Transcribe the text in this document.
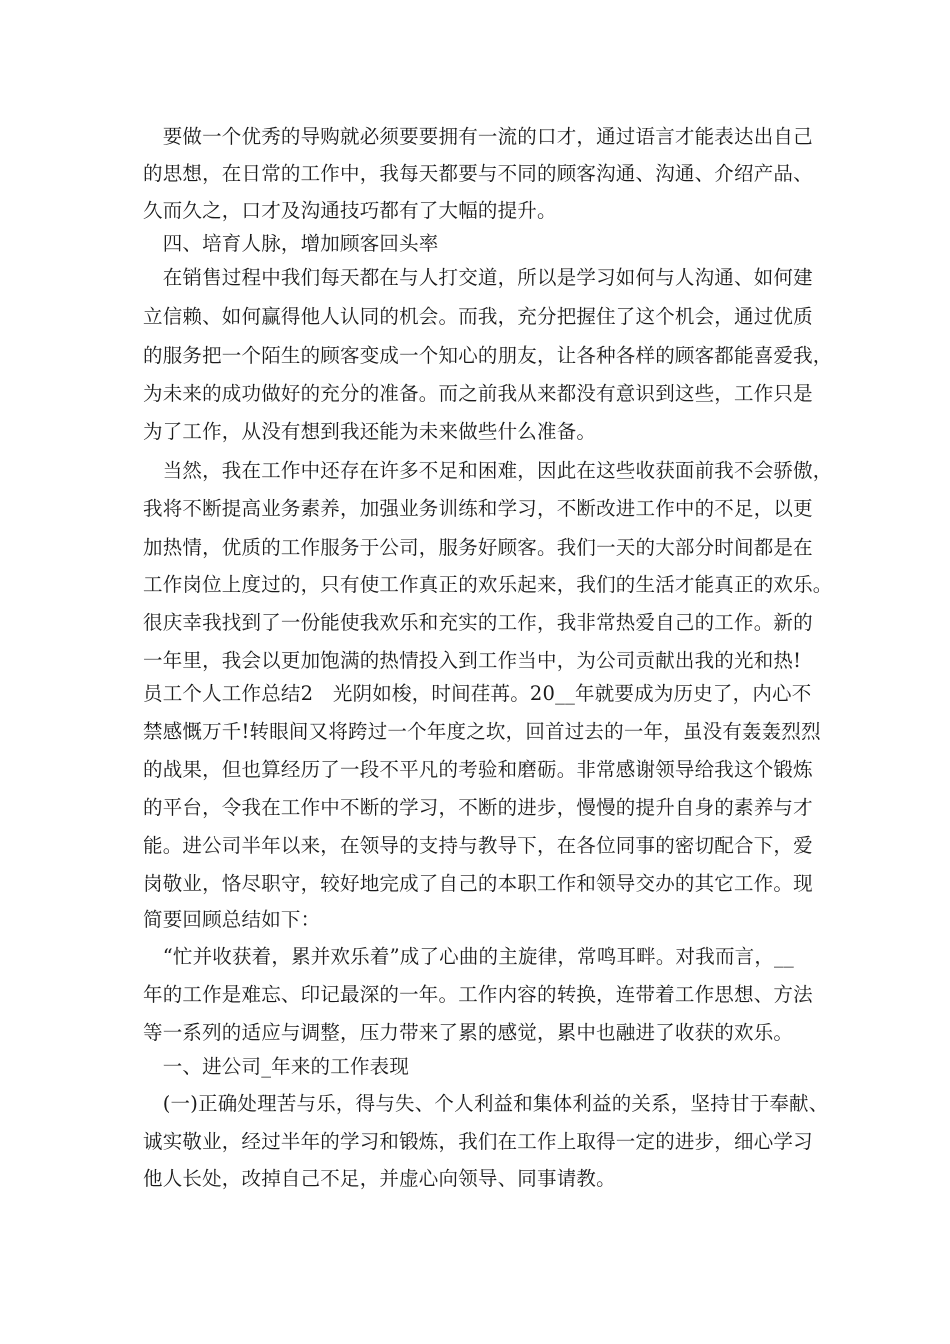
　要做一个优秀的导购就必须要要拥有一流的口才，通过语言才能表达出自己

的思想，在日常的工作中，我每天都要与不同的顾客沟通、沟通、介绍产品、

久而久之，口才及沟通技巧都有了大幅的提升。

　四、培育人脉，增加顾客回头率

　在销售过程中我们每天都在与人打交道，所以是学习如何与人沟通、如何建

立信赖、如何赢得他人认同的机会。而我，充分把握住了这个机会，通过优质

的服务把一个陌生的顾客变成一个知心的朋友，让各种各样的顾客都能喜爱我，

为未来的成功做好的充分的准备。而之前我从来都没有意识到这些，工作只是

为了工作，从没有想到我还能为未来做些什么准备。

　当然，我在工作中还存在许多不足和困难，因此在这些收获面前我不会骄傲，

我将不断提高业务素养，加强业务训练和学习，不断改进工作中的不足，以更

加热情，优质的工作服务于公司，服务好顾客。我们一天的大部分时间都是在

工作岗位上度过的，只有使工作真正的欢乐起来，我们的生活才能真正的欢乐。

很庆幸我找到了一份能使我欢乐和充实的工作，我非常热爱自己的工作。新的

一年里，我会以更加饱满的热情投入到工作当中，为公司贡献出我的光和热!

员工个人工作总结2　光阴如梭，时间荏苒。20__年就要成为历史了，内心不

禁感慨万千!转眼间又将跨过一个年度之坎，回首过去的一年，虽没有轰轰烈烈

的战果，但也算经历了一段不平凡的考验和磨砺。非常感谢领导给我这个锻炼

的平台，令我在工作中不断的学习，不断的进步，慢慢的提升自身的素养与才

能。进公司半年以来，在领导的支持与教导下，在各位同事的密切配合下，爱

岗敬业，恪尽职守，较好地完成了自己的本职工作和领导交办的其它工作。现

简要回顾总结如下：

　“忙并收获着，累并欢乐着”成了心曲的主旋律，常鸣耳畔。对我而言，__

年的工作是难忘、印记最深的一年。工作内容的转换，连带着工作思想、方法

等一系列的适应与调整，压力带来了累的感觉，累中也融进了收获的欢乐。

　一、进公司_年来的工作表现

　(一)正确处理苦与乐，得与失、个人利益和集体利益的关系，坚持甘于奉献、

诚实敬业，经过半年的学习和锻炼，我们在工作上取得一定的进步，细心学习

他人长处，改掉自己不足，并虚心向领导、同事请教。
